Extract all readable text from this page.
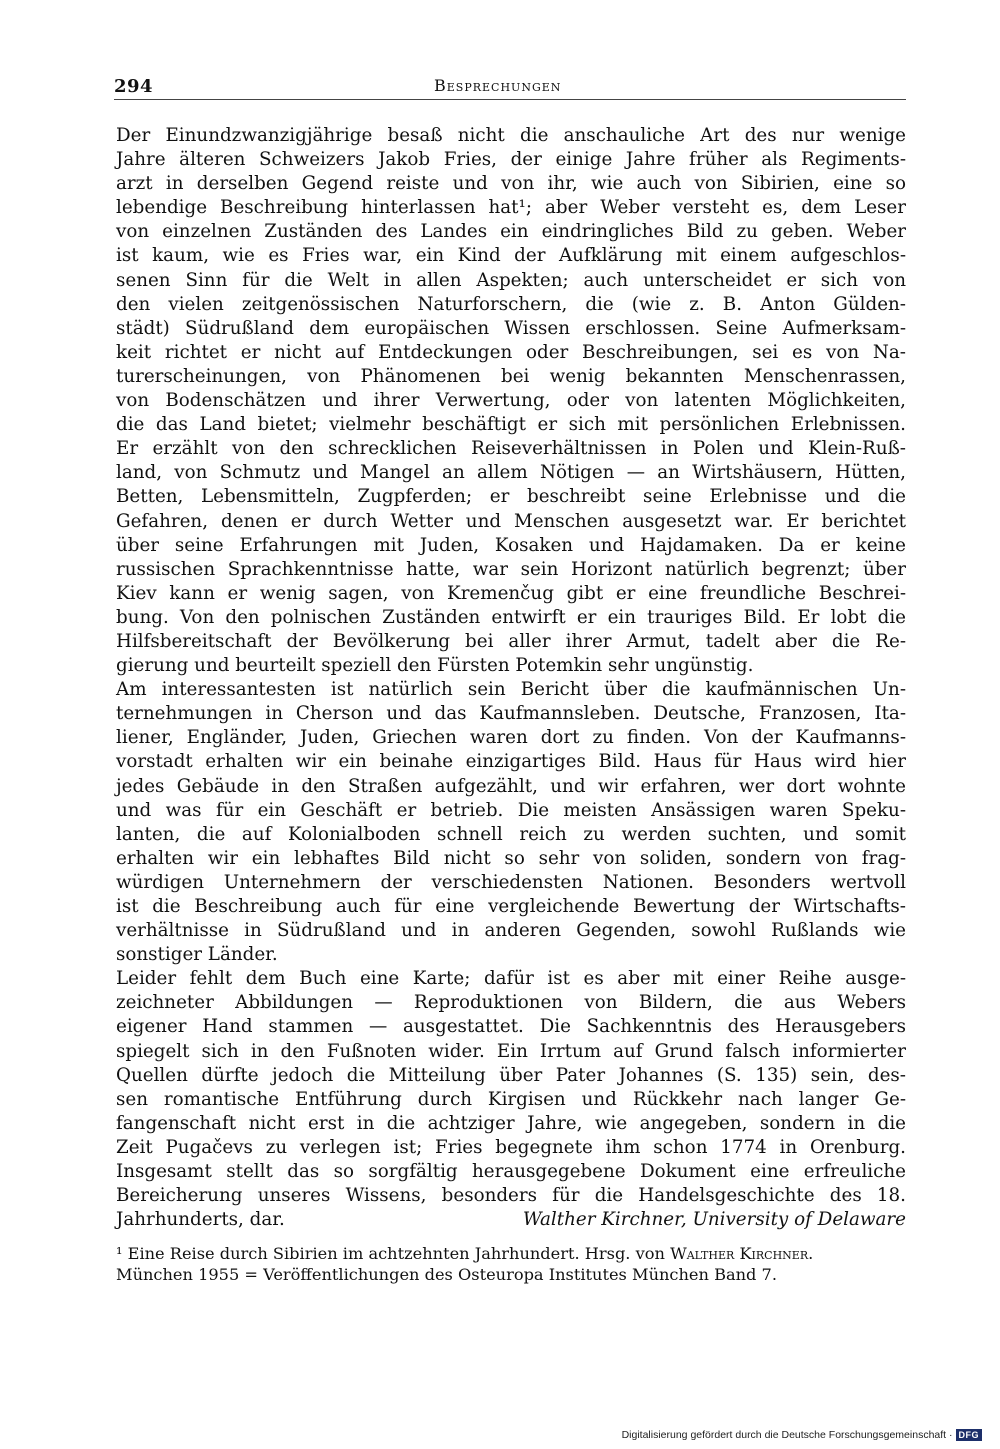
294	Besprechungen
Der Einundzwanzigjährige besaß nicht die anschauliche Art des nur wenige
Jahre älteren Schweizers Jakob Fries, der einige Jahre früher als Regiments-
arzt in derselben Gegend reiste und von ihr, wie auch von Sibirien, eine so
lebendige Beschreibung hinterlassen hat¹; aber Weber versteht es, dem Leser
von einzelnen Zuständen des Landes ein eindringliches Bild zu geben. Weber
ist kaum, wie es Fries war, ein Kind der Aufklärung mit einem aufgeschlos-
senen Sinn für die Welt in allen Aspekten; auch unterscheidet er sich von
den vielen zeitgenössischen Naturforschern, die (wie z. B. Anton Gülden-
städt) Südrußland dem europäischen Wissen erschlossen. Seine Aufmerksam-
keit richtet er nicht auf Entdeckungen oder Beschreibungen, sei es von Na-
turerscheinungen, von Phänomenen bei wenig bekannten Menschenrassen,
von Bodenschätzen und ihrer Verwertung, oder von latenten Möglichkeiten,
die das Land bietet; vielmehr beschäftigt er sich mit persönlichen Erlebnissen.
Er erzählt von den schrecklichen Reiseverhältnissen in Polen und Klein-Ruß-
land, von Schmutz und Mangel an allem Nötigen — an Wirtshäusern, Hütten,
Betten, Lebensmitteln, Zugpferden; er beschreibt seine Erlebnisse und die
Gefahren, denen er durch Wetter und Menschen ausgesetzt war. Er berichtet
über seine Erfahrungen mit Juden, Kosaken und Hajdamaken. Da er keine
russischen Sprachkenntnisse hatte, war sein Horizont natürlich begrenzt; über
Kiev kann er wenig sagen, von Kremenčug gibt er eine freundliche Beschrei-
bung. Von den polnischen Zuständen entwirft er ein trauriges Bild. Er lobt die
Hilfsbereitschaft der Bevölkerung bei aller ihrer Armut, tadelt aber die Re-
gierung und beurteilt speziell den Fürsten Potemkin sehr ungünstig.
Am interessantesten ist natürlich sein Bericht über die kaufmännischen Un-
ternehmungen in Cherson und das Kaufmannsleben. Deutsche, Franzosen, Ita-
liener, Engländer, Juden, Griechen waren dort zu finden. Von der Kaufmanns-
vorstadt erhalten wir ein beinahe einzigartiges Bild. Haus für Haus wird hier
jedes Gebäude in den Straßen aufgezählt, und wir erfahren, wer dort wohnte
und was für ein Geschäft er betrieb. Die meisten Ansässigen waren Speku-
lanten, die auf Kolonialboden schnell reich zu werden suchten, und somit
erhalten wir ein lebhaftes Bild nicht so sehr von soliden, sondern von frag-
würdigen Unternehmern der verschiedensten Nationen. Besonders wertvoll
ist die Beschreibung auch für eine vergleichende Bewertung der Wirtschafts-
verhältnisse in Südrußland und in anderen Gegenden, sowohl Rußlands wie
sonstiger Länder.
Leider fehlt dem Buch eine Karte; dafür ist es aber mit einer Reihe ausge-
zeichneter Abbildungen — Reproduktionen von Bildern, die aus Webers
eigener Hand stammen — ausgestattet. Die Sachkenntnis des Herausgebers
spiegelt sich in den Fußnoten wider. Ein Irrtum auf Grund falsch informierter
Quellen dürfte jedoch die Mitteilung über Pater Johannes (S. 135) sein, des-
sen romantische Entführung durch Kirgisen und Rückkehr nach langer Ge-
fangenschaft nicht erst in die achtziger Jahre, wie angegeben, sondern in die
Zeit Pugačevs zu verlegen ist; Fries begegnete ihm schon 1774 in Orenburg.
Insgesamt stellt das so sorgfältig herausgegebene Dokument eine erfreuliche
Bereicherung unseres Wissens, besonders für die Handelsgeschichte des 18.
Jahrhunderts, dar.	Walther Kirchner, University of Delaware
¹ Eine Reise durch Sibirien im achtzehnten Jahrhundert. Hrsg. von Walther Kirchner.
München 1955 = Veröffentlichungen des Osteuropa Institutes München Band 7.
Digitalisierung gefördert durch die Deutsche Forschungsgemeinschaft · DFG
